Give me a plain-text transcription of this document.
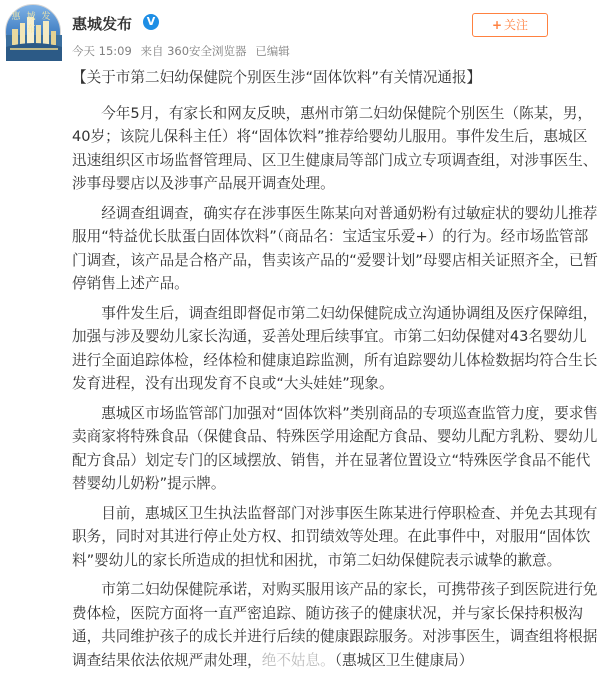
惠城发布	惠城发布	V
今天 15:09 来自 360安全浏览器 已编辑
+ 关注

【关于市第二妇幼保健院个别医生涉“固体饮料”有关情况通报】

今年5月，有家长和网友反映，惠州市第二妇幼保健院个别医生（陈某，男，40岁；该院儿保科主任）将“固体饮料”推荐给婴幼儿服用。事件发生后，惠城区迅速组织区市场监督管理局、区卫生健康局等部门成立专项调查组，对涉事医生、涉事母婴店以及涉事产品展开调查处理。

经调查组调查，确实存在涉事医生陈某向对普通奶粉有过敏症状的婴幼儿推荐服用“特益优长肽蛋白固体饮料”（商品名：宝适宝乐爱+）的行为。经市场监管部门调查，该产品是合格产品，售卖该产品的“爱婴计划”母婴店相关证照齐全，已暂停销售上述产品。

事件发生后，调查组即督促市第二妇幼保健院成立沟通协调组及医疗保障组，加强与涉及婴幼儿家长沟通，妥善处理后续事宜。市第二妇幼保健对43名婴幼儿进行全面追踪体检，经体检和健康追踪监测，所有追踪婴幼儿体检数据均符合生长发育进程，没有出现发育不良或“大头娃娃”现象。

惠城区市场监管部门加强对“固体饮料”类别商品的专项巡查监管力度，要求售卖商家将特殊食品（保健食品、特殊医学用途配方食品、婴幼儿配方乳粉、婴幼儿配方食品）划定专门的区域摆放、销售，并在显著位置设立“特殊医学食品不能代替婴幼儿奶粉”提示牌。

目前，惠城区卫生执法监督部门对涉事医生陈某进行停职检查、并免去其现有职务，同时对其进行停止处方权、扣罚绩效等处理。在此事件中，对服用“固体饮料”婴幼儿的家长所造成的担忧和困扰，市第二妇幼保健院表示诚挚的歉意。

市第二妇幼保健院承诺，对购买服用该产品的家长，可携带孩子到医院进行免费体检，医院方面将一直严密追踪、随访孩子的健康状况，并与家长保持积极沟通，共同维护孩子的成长并进行后续的健康跟踪服务。对涉事医生，调查组将根据调查结果依法依规严肃处理，绝不姑息。（惠城区卫生健康局）
